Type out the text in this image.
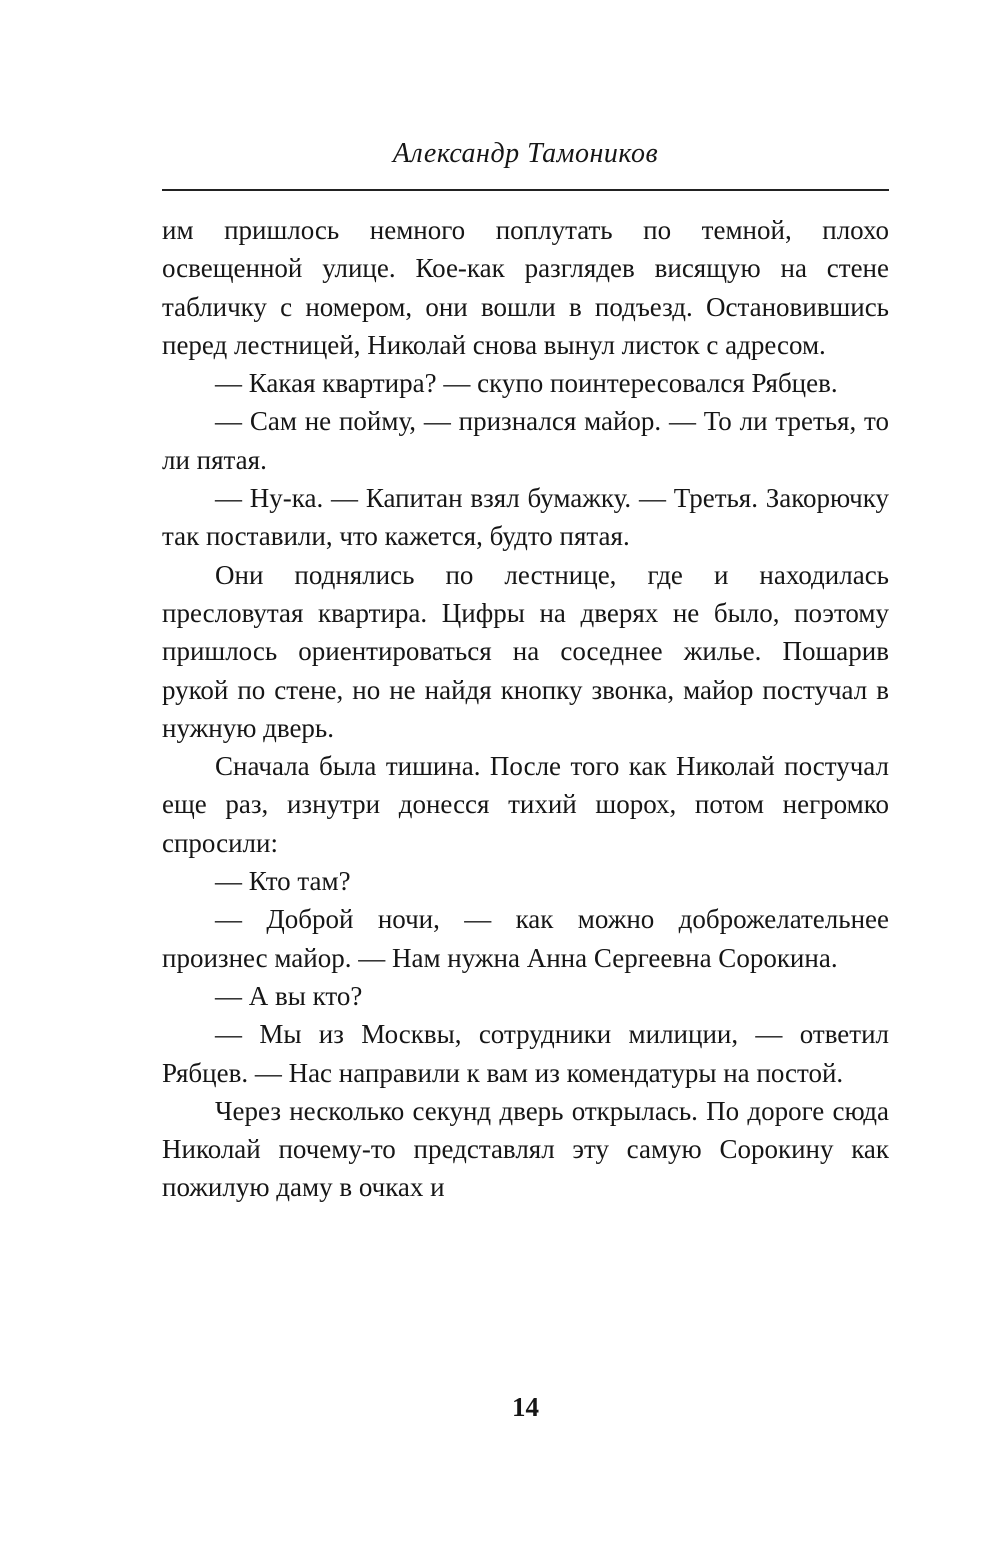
Александр Тамоников

им пришлось немного поплутать по темной, плохо освещенной улице. Кое-как разглядев висящую на стене табличку с номером, они вошли в подъезд. Остановившись перед лестницей, Николай снова вынул листок с адресом.

— Какая квартира? — скупо поинтересовался Рябцев.

— Сам не пойму, — признался майор. — То ли третья, то ли пятая.

— Ну-ка. — Капитан взял бумажку. — Третья. Закорючку так поставили, что кажется, будто пятая.

Они поднялись по лестнице, где и находилась пресловутая квартира. Цифры на дверях не было, поэтому пришлось ориентироваться на соседнее жилье. Пошарив рукой по стене, но не найдя кнопку звонка, майор постучал в нужную дверь.

Сначала была тишина. После того как Николай постучал еще раз, изнутри донесся тихий шорох, потом негромко спросили:

— Кто там?

— Доброй ночи, — как можно доброжелательнее произнес майор. — Нам нужна Анна Сергеевна Сорокина.

— А вы кто?

— Мы из Москвы, сотрудники милиции, — ответил Рябцев. — Нас направили к вам из комендатуры на постой.

Через несколько секунд дверь открылась. По дороге сюда Николай почему-то представлял эту самую Сорокину как пожилую даму в очках и

14
